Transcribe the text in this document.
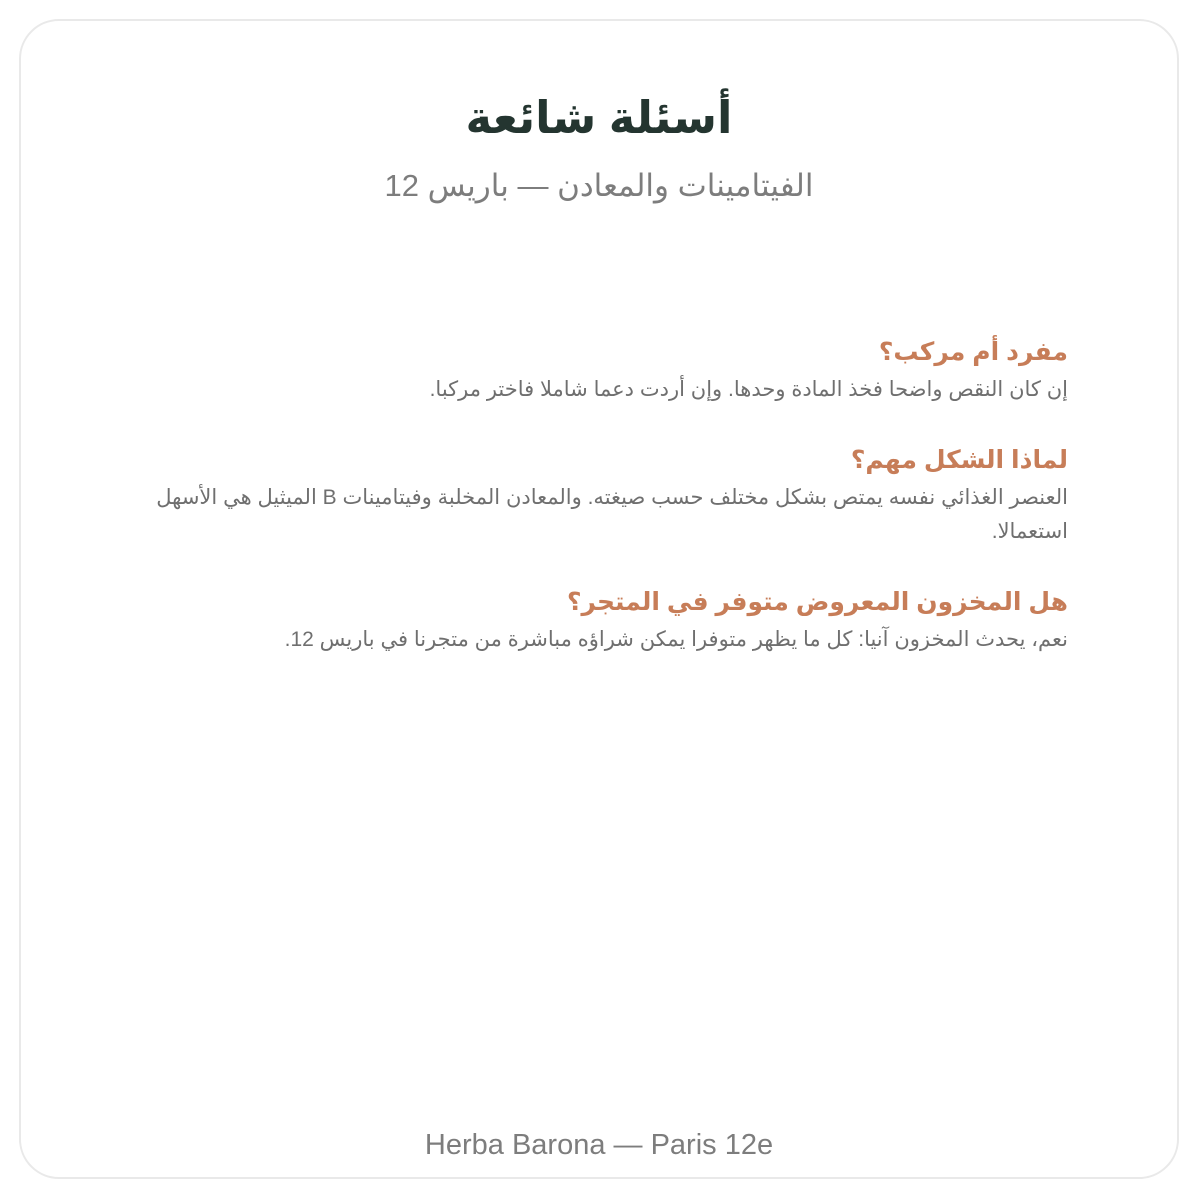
أسئلة شائعة
الفيتامينات والمعادن — باريس 12
مفرد أم مركب؟

إن كان النقص واضحا فخذ المادة وحدها. وإن أردت دعما شاملا فاختر مركبا.

لماذا الشكل مهم؟

العنصر الغذائي نفسه يمتص بشكل مختلف حسب صيغته. والمعادن المخلبة وفيتامينات B الميثيل هي الأسهل استعمالا.

هل المخزون المعروض متوفر في المتجر؟

نعم، يحدث المخزون آنيا: كل ما يظهر متوفرا يمكن شراؤه مباشرة من متجرنا في باريس 12.

Herba Barona — Paris 12e
